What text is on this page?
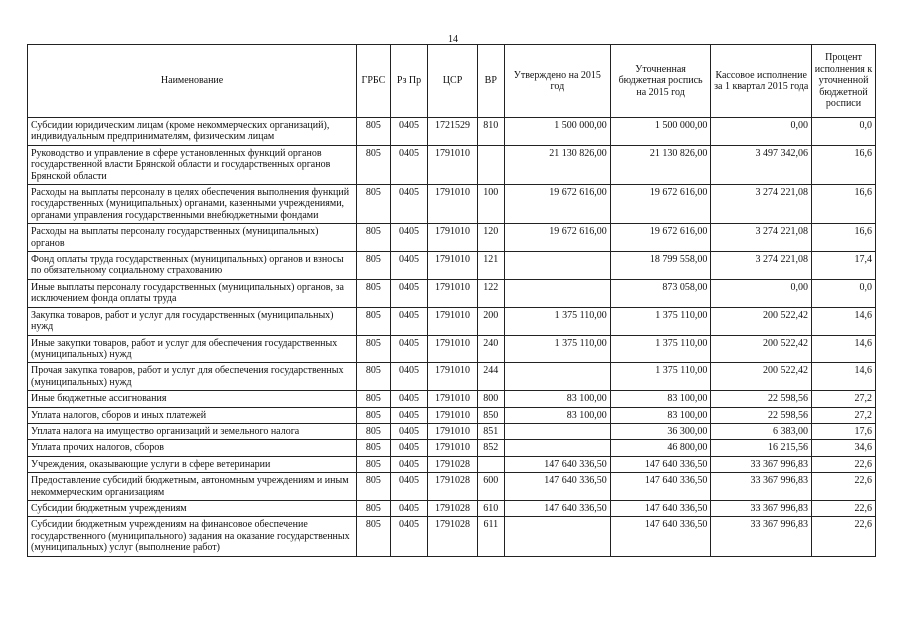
14
Наименование	ГРБС	Рз Пр	ЦСР	ВР	Утверждено на 2015 год	Уточненная бюджетная роспись на 2015 год	Кассовое исполнение за 1 квартал 2015 года	Процент исполнения к уточненной бюджетной росписи
Субсидии юридическим лицам (кроме некоммерческих организаций), индивидуальным предпринимателям, физическим лицам	805	0405	1721529	810	1 500 000,00	1 500 000,00	0,00	0,0
Руководство и управление в сфере установленных функций органов государственной власти Брянской области и государственных органов Брянской области	805	0405	1791010		21 130 826,00	21 130 826,00	3 497 342,06	16,6
Расходы на выплаты персоналу в целях обеспечения выполнения функций государственных (муниципальных) органами, казенными учреждениями, органами управления государственными внебюджетными фондами	805	0405	1791010	100	19 672 616,00	19 672 616,00	3 274 221,08	16,6
Расходы на выплаты персоналу государственных (муниципальных) органов	805	0405	1791010	120	19 672 616,00	19 672 616,00	3 274 221,08	16,6
Фонд оплаты труда государственных (муниципальных) органов и взносы по обязательному социальному страхованию	805	0405	1791010	121		18 799 558,00	3 274 221,08	17,4
Иные выплаты персоналу государственных (муниципальных) органов, за исключением фонда оплаты труда	805	0405	1791010	122		873 058,00	0,00	0,0
Закупка товаров, работ и услуг для государственных (муниципальных) нужд	805	0405	1791010	200	1 375 110,00	1 375 110,00	200 522,42	14,6
Иные закупки товаров, работ и услуг для обеспечения государственных (муниципальных) нужд	805	0405	1791010	240	1 375 110,00	1 375 110,00	200 522,42	14,6
Прочая закупка товаров, работ и услуг для обеспечения государственных (муниципальных) нужд	805	0405	1791010	244		1 375 110,00	200 522,42	14,6
Иные бюджетные ассигнования	805	0405	1791010	800	83 100,00	83 100,00	22 598,56	27,2
Уплата налогов, сборов и иных платежей	805	0405	1791010	850	83 100,00	83 100,00	22 598,56	27,2
Уплата налога на имущество организаций и земельного налога	805	0405	1791010	851		36 300,00	6 383,00	17,6
Уплата прочих налогов, сборов	805	0405	1791010	852		46 800,00	16 215,56	34,6
Учреждения, оказывающие услуги в сфере ветеринарии	805	0405	1791028		147 640 336,50	147 640 336,50	33 367 996,83	22,6
Предоставление субсидий бюджетным, автономным учреждениям и иным некоммерческим организациям	805	0405	1791028	600	147 640 336,50	147 640 336,50	33 367 996,83	22,6
Субсидии бюджетным учреждениям	805	0405	1791028	610	147 640 336,50	147 640 336,50	33 367 996,83	22,6
Субсидии бюджетным учреждениям на финансовое обеспечение государственного (муниципального) задания на оказание государственных (муниципальных) услуг (выполнение работ)	805	0405	1791028	611		147 640 336,50	33 367 996,83	22,6
